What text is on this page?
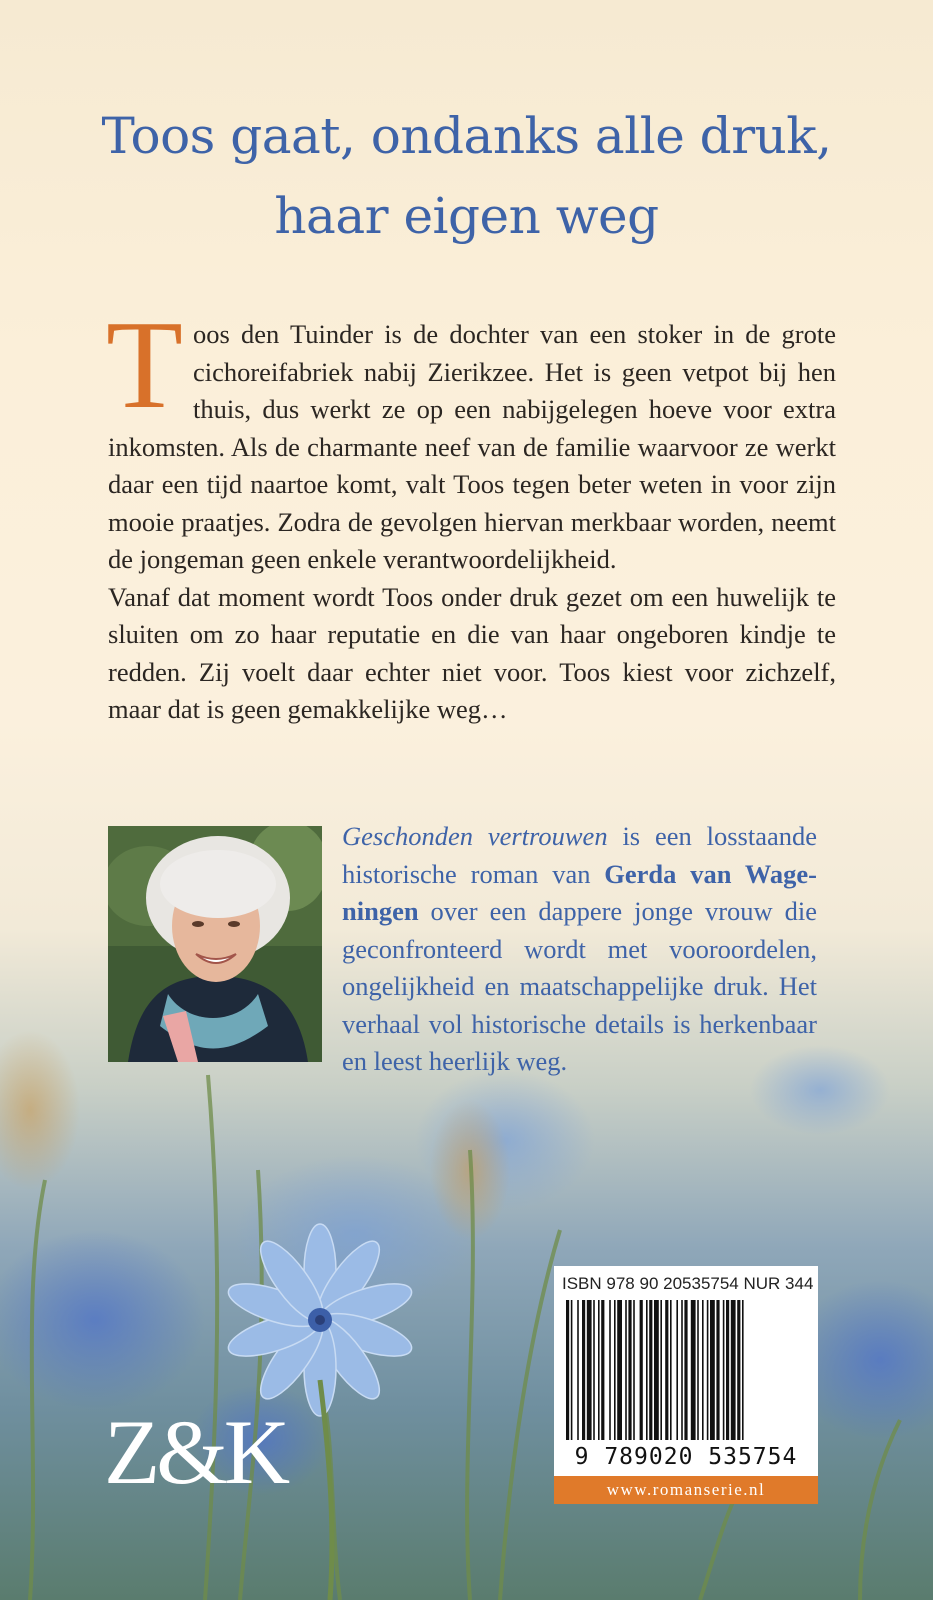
Toos gaat, ondanks alle druk,
haar eigen weg

Toos den Tuinder is de dochter van een stoker in de grote cichoreifabriek nabij Zierikzee. Het is geen vetpot bij hen thuis, dus werkt ze op een nabijgelegen hoeve voor extra inkomsten. Als de charmante neef van de familie waarvoor ze werkt daar een tijd naartoe komt, valt Toos tegen beter weten in voor zijn mooie praatjes. Zodra de gevolgen hiervan merkbaar worden, neemt de jongeman geen enkele verantwoordelijkheid.

Vanaf dat moment wordt Toos onder druk gezet om een huwelijk te sluiten om zo haar reputatie en die van haar ongeboren kindje te redden. Zij voelt daar echter niet voor. Toos kiest voor zichzelf, maar dat is geen gemakkelijke weg…

Geschonden vertrouwen is een losstaande historische roman van Gerda van Wageningen over een dappere jonge vrouw die geconfronteerd wordt met vooroordelen, ongelijkheid en maatschappelijke druk. Het verhaal vol historische details is herkenbaar en leest heerlijk weg.
ISBN 978 90 20535754 NUR 344
9 789020 535754
www.romanserie.nl
Z&K
